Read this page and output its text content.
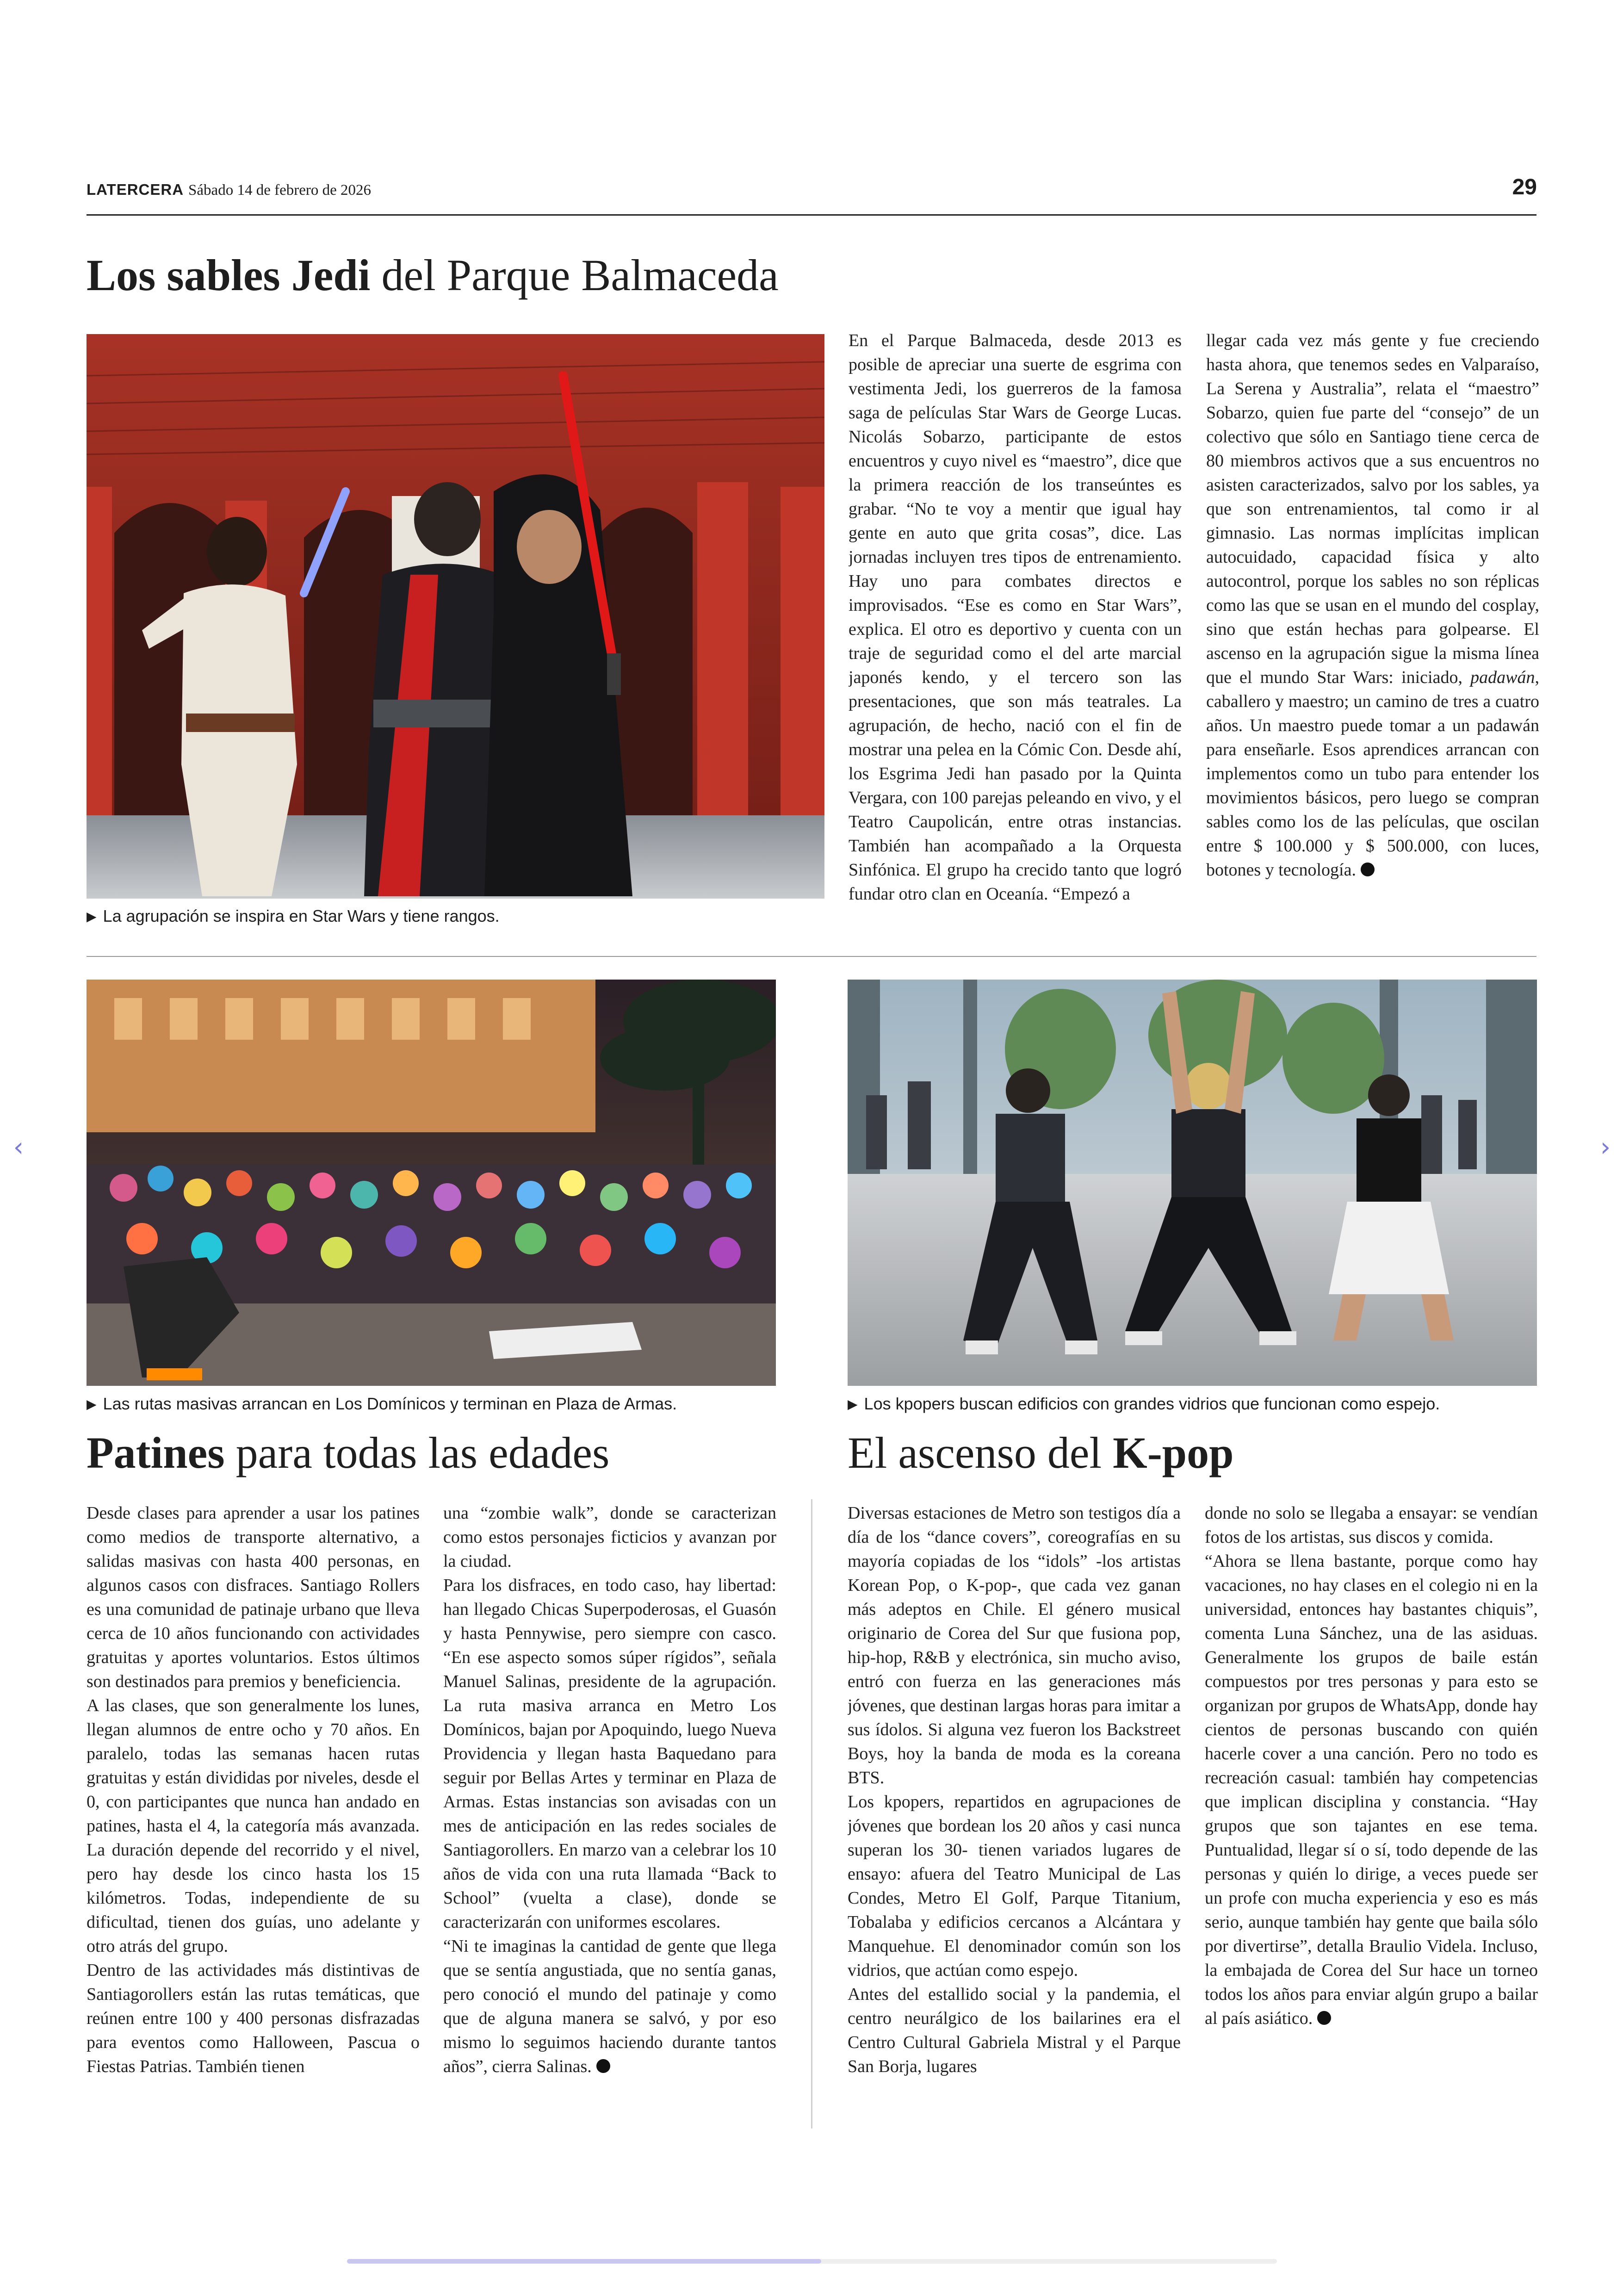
LATERCERA Sábado 14 de febrero de 2026	29
Los sables Jedi del Parque Balmaceda
▶ La agrupación se inspira en Star Wars y tiene rangos.

En el Parque Balmaceda, desde 2013 es posible de apreciar una suerte de esgrima con vestimenta Jedi, los guerreros de la famosa saga de películas Star Wars de George Lucas. Nicolás Sobarzo, participante de estos encuentros y cuyo nivel es “maestro”, dice que la primera reacción de los transeúntes es grabar. “No te voy a mentir que igual hay gente en auto que grita cosas”, dice. Las jornadas incluyen tres tipos de entrenamiento. Hay uno para combates directos e improvisados. “Ese es como en Star Wars”, explica. El otro es deportivo y cuenta con un traje de seguridad como el del arte marcial japonés kendo, y el tercero son las presentaciones, que son más teatrales. La agrupación, de hecho, nació con el fin de mostrar una pelea en la Cómic Con. Desde ahí, los Esgrima Jedi han pasado por la Quinta Vergara, con 100 parejas peleando en vivo, y el Teatro Caupolicán, entre otras instancias. También han acompañado a la Orquesta Sinfónica. El grupo ha crecido tanto que logró fundar otro clan en Oceanía. “Empezó a

llegar cada vez más gente y fue creciendo hasta ahora, que tenemos sedes en Valparaíso, La Serena y Australia”, relata el “maestro” Sobarzo, quien fue parte del “consejo” de un colectivo que sólo en Santiago tiene cerca de 80 miembros activos que a sus encuentros no asisten caracterizados, salvo por los sables, ya que son entrenamientos, tal como ir al gimnasio. Las normas implícitas implican autocuidado, capacidad física y alto autocontrol, porque los sables no son réplicas como las que se usan en el mundo del cosplay, sino que están hechas para golpearse. El ascenso en la agrupación sigue la misma línea que el mundo Star Wars: iniciado, padawán, caballero y maestro; un camino de tres a cuatro años. Un maestro puede tomar a un padawán para enseñarle. Esos aprendices arrancan con implementos como un tubo para entender los movimientos básicos, pero luego se compran sables como los de las películas, que oscilan entre $ 100.000 y $ 500.000, con luces, botones y tecnología.

▶ Las rutas masivas arrancan en Los Domínicos y terminan en Plaza de Armas.
Patines para todas las edades

Desde clases para aprender a usar los patines como medios de transporte alternativo, a salidas masivas con hasta 400 personas, en algunos casos con disfraces. Santiago Rollers es una comunidad de patinaje urbano que lleva cerca de 10 años funcionando con actividades gratuitas y aportes voluntarios. Estos últimos son destinados para premios y beneficiencia.

A las clases, que son generalmente los lunes, llegan alumnos de entre ocho y 70 años. En paralelo, todas las semanas hacen rutas gratuitas y están divididas por niveles, desde el 0, con participantes que nunca han andado en patines, hasta el 4, la categoría más avanzada. La duración depende del recorrido y el nivel, pero hay desde los cinco hasta los 15 kilómetros. Todas, independiente de su dificultad, tienen dos guías, uno adelante y otro atrás del grupo.

Dentro de las actividades más distintivas de Santiagorollers están las rutas temáticas, que reúnen entre 100 y 400 personas disfrazadas para eventos como Halloween, Pascua o Fiestas Patrias. También tienen

una “zombie walk”, donde se caracterizan como estos personajes ficticios y avanzan por la ciudad.

Para los disfraces, en todo caso, hay libertad: han llegado Chicas Superpoderosas, el Guasón y hasta Pennywise, pero siempre con casco. “En ese aspecto somos súper rígidos”, señala Manuel Salinas, presidente de la agrupación. La ruta masiva arranca en Metro Los Domínicos, bajan por Apoquindo, luego Nueva Providencia y llegan hasta Baquedano para seguir por Bellas Artes y terminar en Plaza de Armas. Estas instancias son avisadas con un mes de anticipación en las redes sociales de Santiagorollers. En marzo van a celebrar los 10 años de vida con una ruta llamada “Back to School” (vuelta a clase), donde se caracterizarán con uniformes escolares.

“Ni te imaginas la cantidad de gente que llega que se sentía angustiada, que no sentía ganas, pero conoció el mundo del patinaje y como que de alguna manera se salvó, y por eso mismo lo seguimos haciendo durante tantos años”, cierra Salinas.

▶ Los kpopers buscan edificios con grandes vidrios que funcionan como espejo.
El ascenso del K-pop

Diversas estaciones de Metro son testigos día a día de los “dance covers”, coreografías en su mayoría copiadas de los “idols” -los artistas Korean Pop, o K-pop-, que cada vez ganan más adeptos en Chile. El género musical originario de Corea del Sur que fusiona pop, hip-hop, R&B y electrónica, sin mucho aviso, entró con fuerza en las generaciones más jóvenes, que destinan largas horas para imitar a sus ídolos. Si alguna vez fueron los Backstreet Boys, hoy la banda de moda es la coreana BTS.

Los kpopers, repartidos en agrupaciones de jóvenes que bordean los 20 años y casi nunca superan los 30- tienen variados lugares de ensayo: afuera del Teatro Municipal de Las Condes, Metro El Golf, Parque Titanium, Tobalaba y edificios cercanos a Alcántara y Manquehue. El denominador común son los vidrios, que actúan como espejo.

Antes del estallido social y la pandemia, el centro neurálgico de los bailarines era el Centro Cultural Gabriela Mistral y el Parque San Borja, lugares

donde no solo se llegaba a ensayar: se vendían fotos de los artistas, sus discos y comida.

“Ahora se llena bastante, porque como hay vacaciones, no hay clases en el colegio ni en la universidad, entonces hay bastantes chiquis”, comenta Luna Sánchez, una de las asiduas. Generalmente los grupos de baile están compuestos por tres personas y para esto se organizan por grupos de WhatsApp, donde hay cientos de personas buscando con quién hacerle cover a una canción. Pero no todo es recreación casual: también hay competencias que implican disciplina y constancia. “Hay grupos que son tajantes en ese tema. Puntualidad, llegar sí o sí, todo depende de las personas y quién lo dirige, a veces puede ser un profe con mucha experiencia y eso es más serio, aunque también hay gente que baila sólo por divertirse”, detalla Braulio Videla. Incluso, la embajada de Corea del Sur hace un torneo todos los años para enviar algún grupo a bailar al país asiático.

‹	›
